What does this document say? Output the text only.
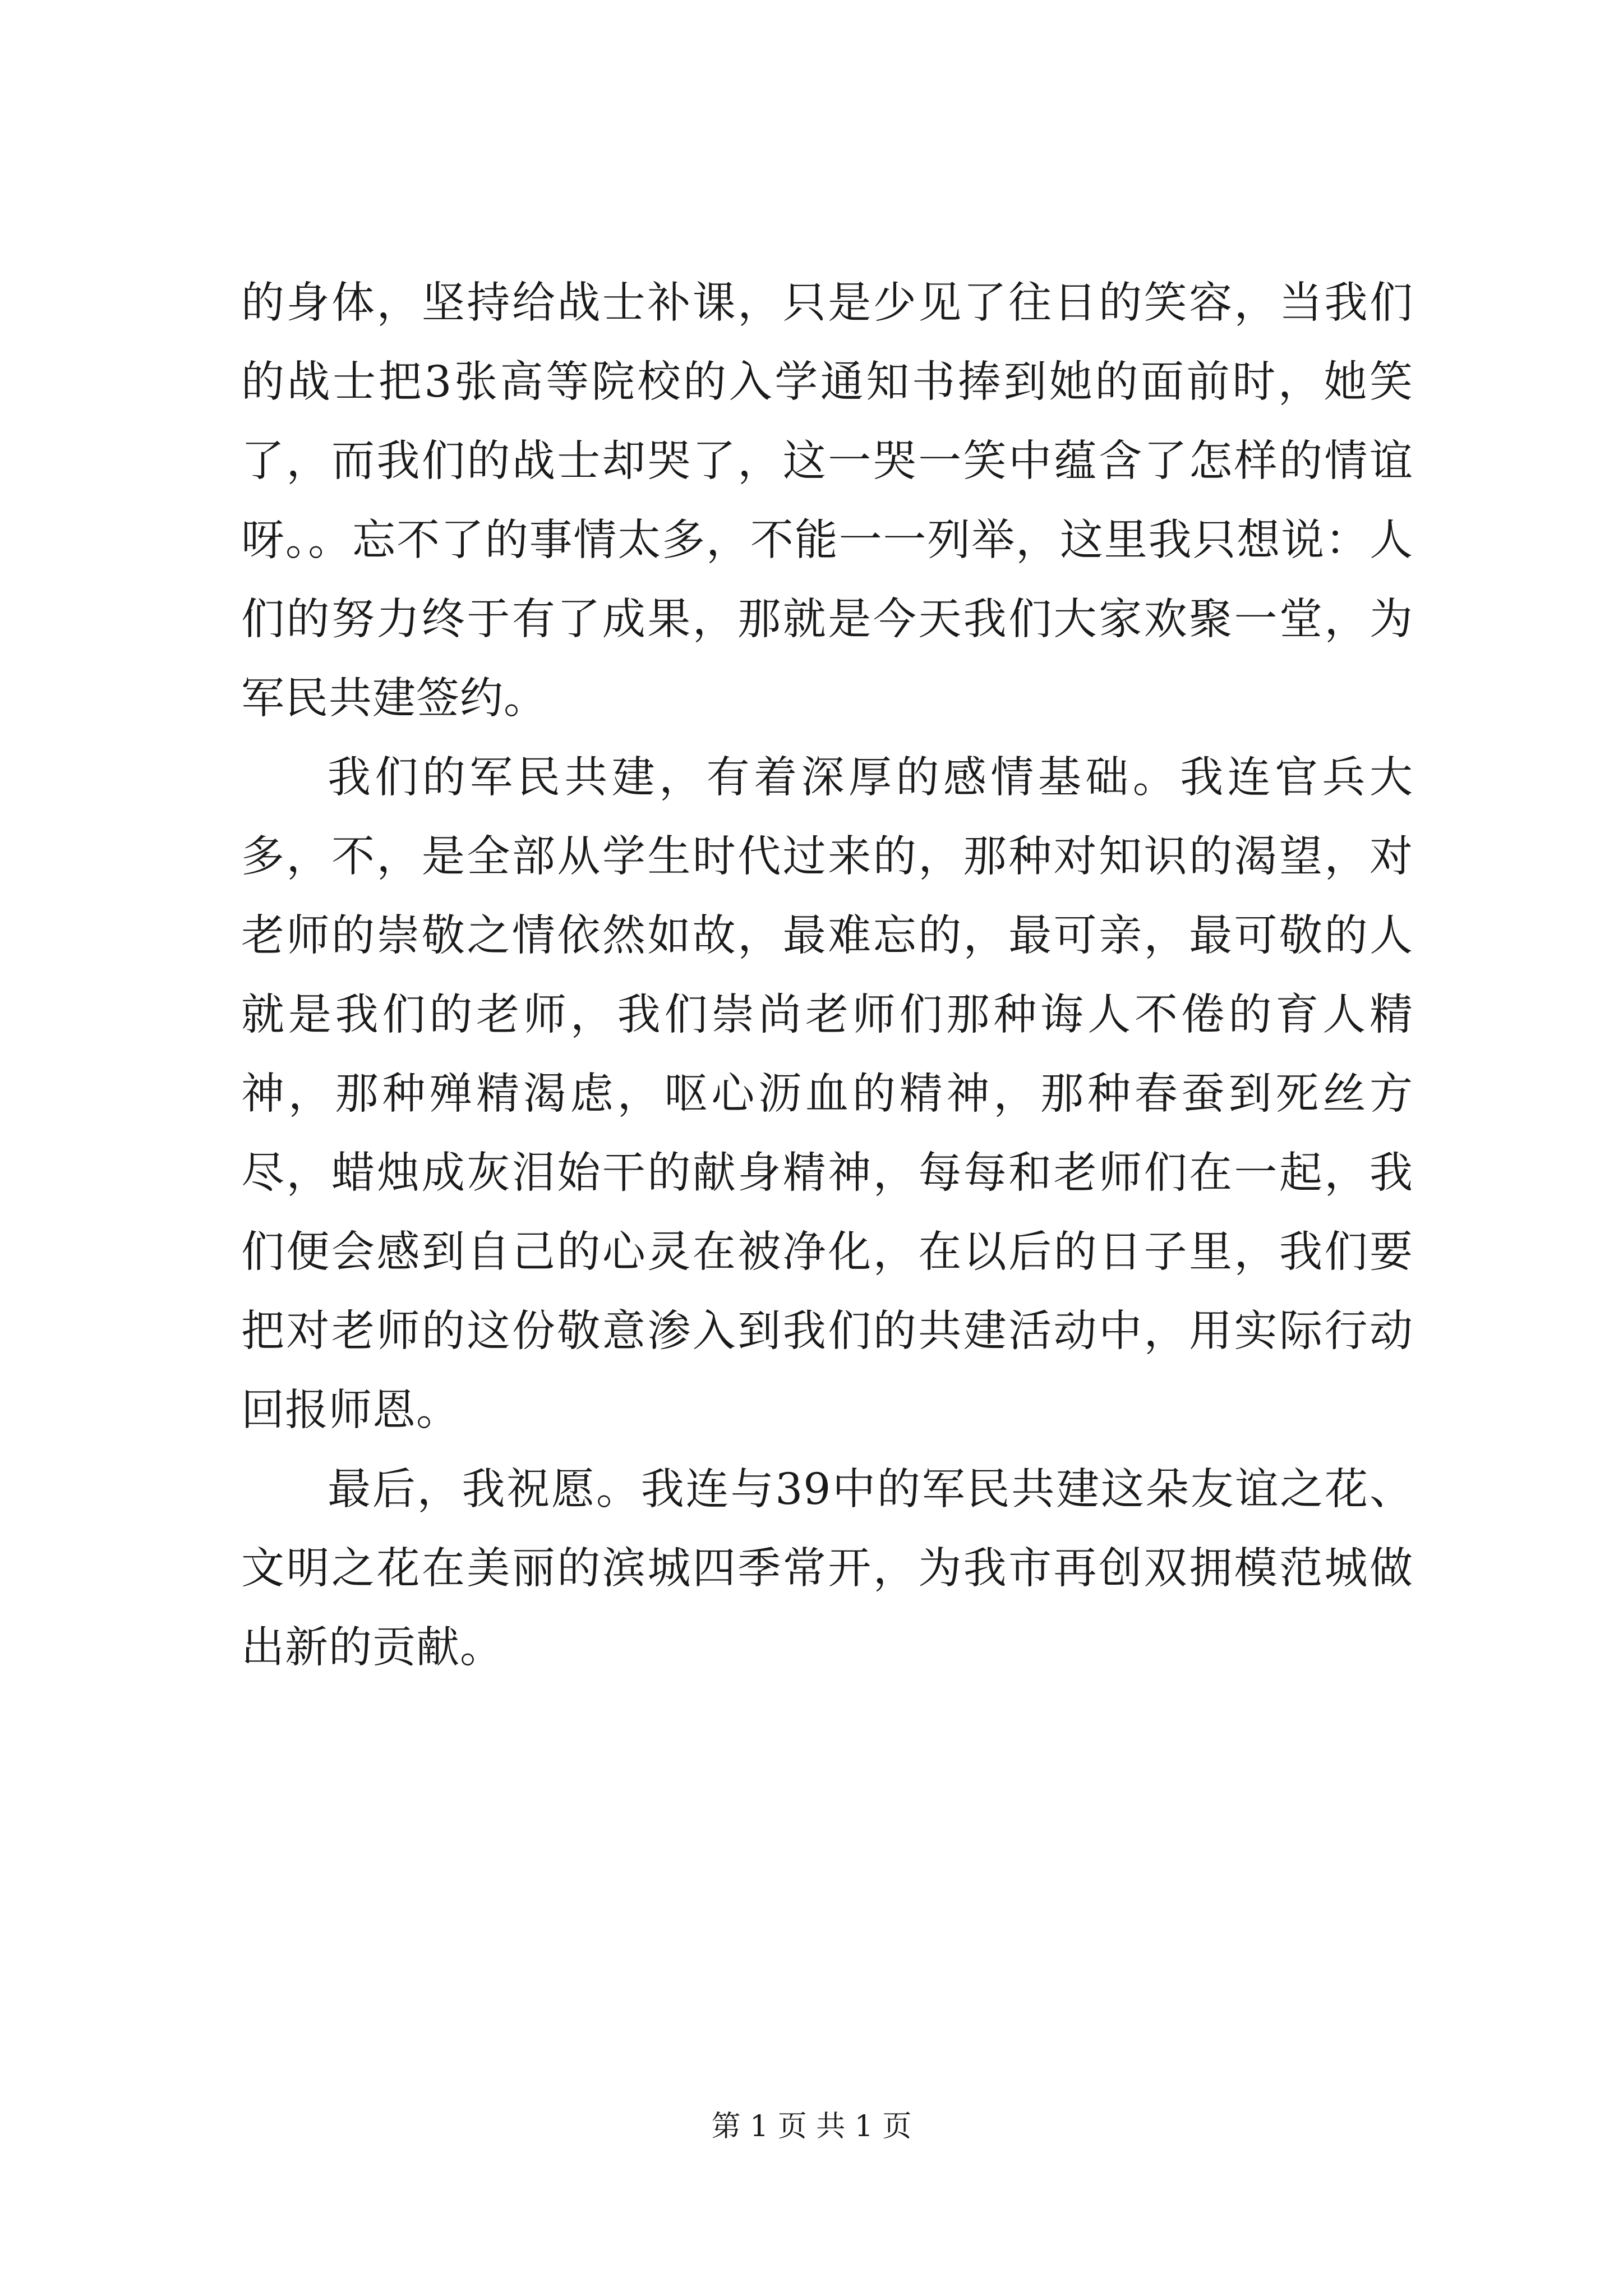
的身体，坚持给战士补课，只是少见了往日的笑容，当我们的战士把3张高等院校的入学通知书捧到她的面前时，她笑了，而我们的战士却哭了，这一哭一笑中蕴含了怎样的情谊呀。。忘不了的事情太多，不能一一列举，这里我只想说：人们的努力终于有了成果，那就是今天我们大家欢聚一堂，为军民共建签约。

我们的军民共建，有着深厚的感情基础。我连官兵大多，不，是全部从学生时代过来的，那种对知识的渴望，对老师的崇敬之情依然如故，最难忘的，最可亲，最可敬的人就是我们的老师，我们崇尚老师们那种诲人不倦的育人精神，那种殚精渴虑，呕心沥血的精神，那种春蚕到死丝方尽，蜡烛成灰泪始干的献身精神，每每和老师们在一起，我们便会感到自己的心灵在被净化，在以后的日子里，我们要把对老师的这份敬意渗入到我们的共建活动中，用实际行动回报师恩。

最后，我祝愿。我连与39中的军民共建这朵友谊之花、文明之花在美丽的滨城四季常开，为我市再创双拥模范城做出新的贡献。

第 1 页 共 1 页
